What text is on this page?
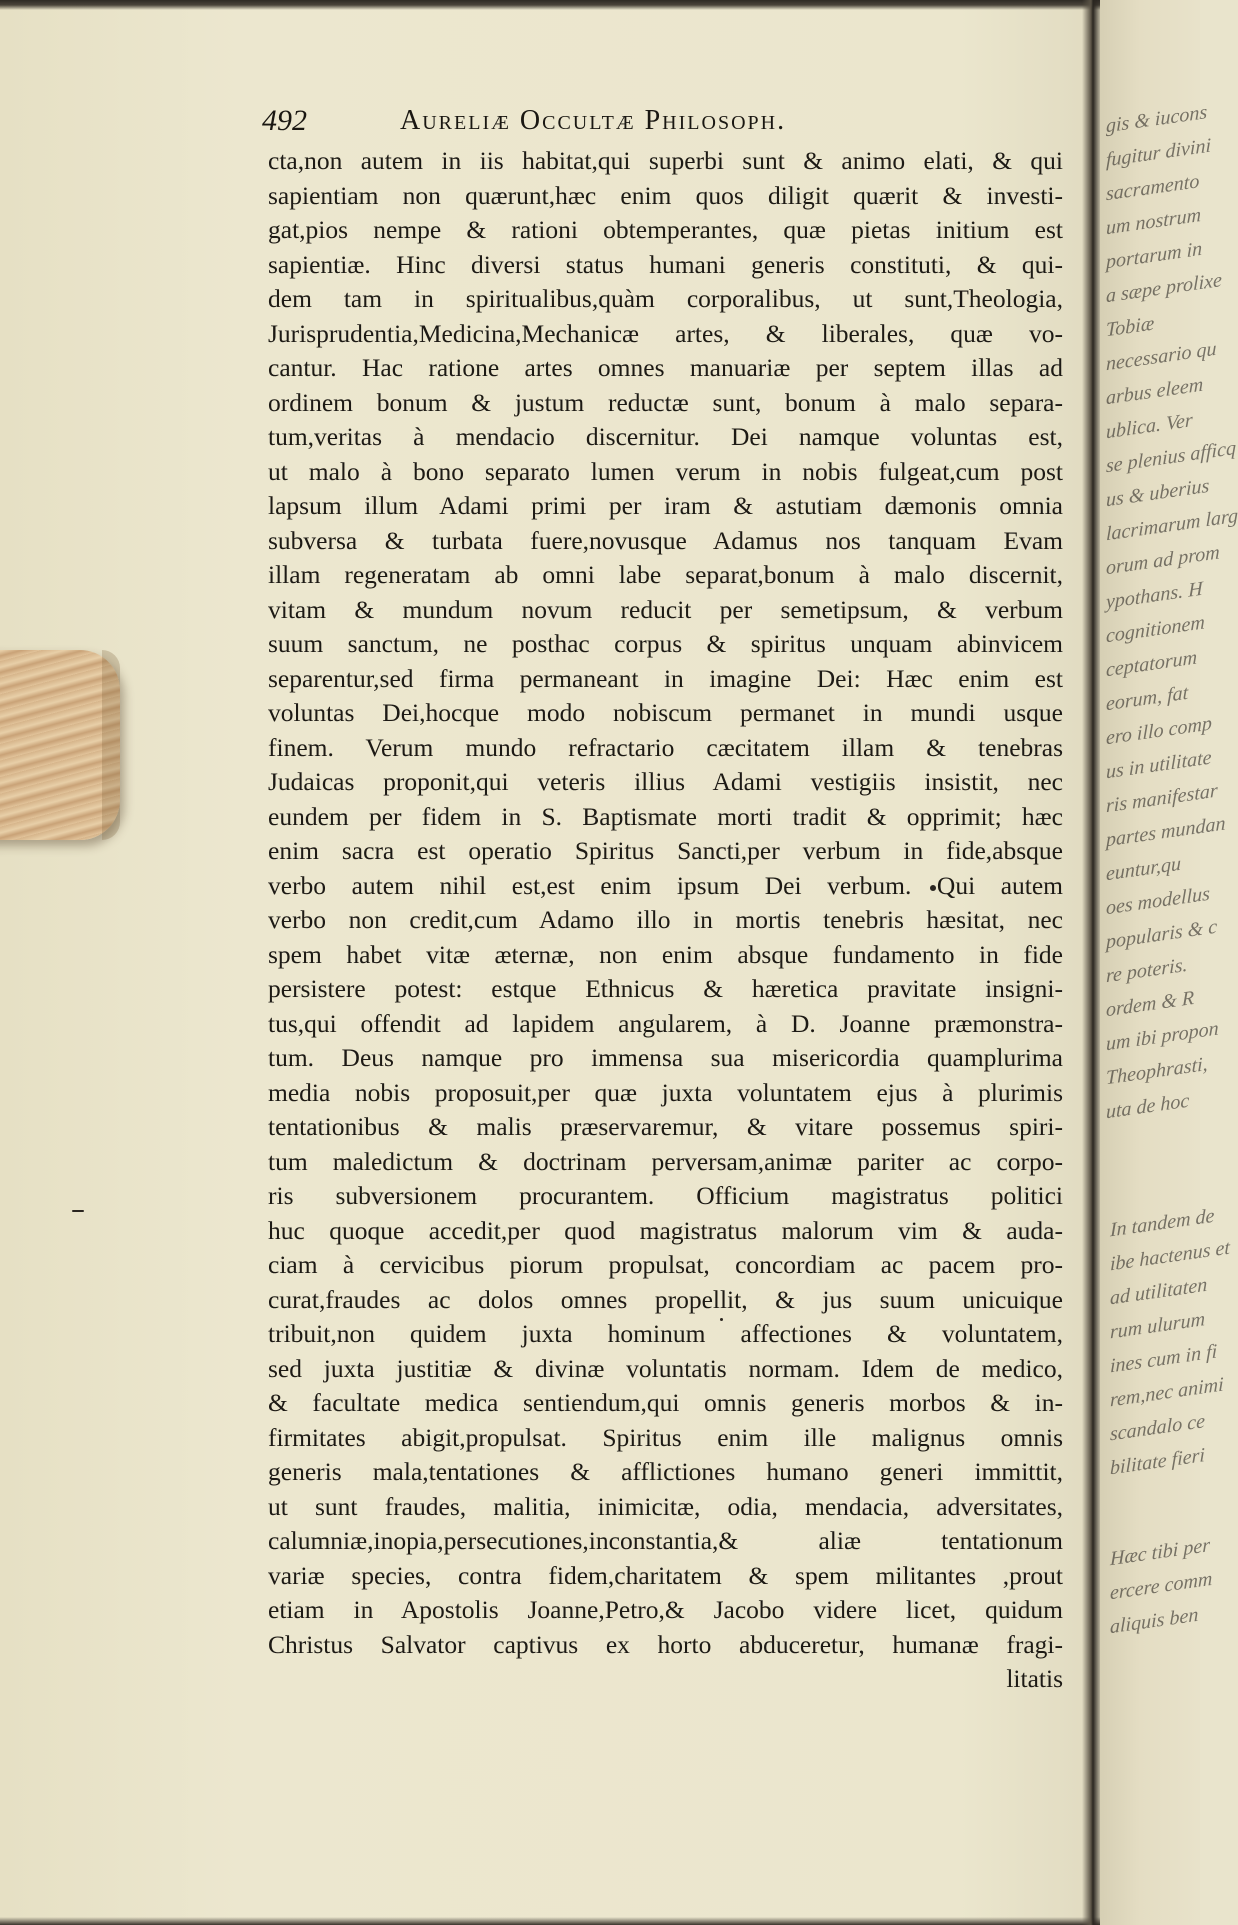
492	Aureliæ Occultæ Philosoph.
cta,non autem in iis habitat,qui superbi sunt & animo elati, & qui
sapientiam non quærunt,hæc enim quos diligit quærit & investi-
gat,pios nempe & rationi obtemperantes, quæ pietas initium est
sapientiæ. Hinc diversi status humani generis constituti, & qui-
dem tam in spiritualibus,quàm corporalibus, ut sunt,Theologia,
Jurisprudentia,Medicina,Mechanicæ artes, & liberales, quæ vo-
cantur. Hac ratione artes omnes manuariæ per septem illas ad
ordinem bonum & justum reductæ sunt, bonum à malo separa-
tum,veritas à mendacio discernitur. Dei namque voluntas est,
ut malo à bono separato lumen verum in nobis fulgeat,cum post
lapsum illum Adami primi per iram & astutiam dæmonis omnia
subversa & turbata fuere,novusque Adamus nos tanquam Evam
illam regeneratam ab omni labe separat,bonum à malo discernit,
vitam & mundum novum reducit per semetipsum, & verbum
suum sanctum, ne posthac corpus & spiritus unquam abinvicem
separentur,sed firma permaneant in imagine Dei: Hæc enim est
voluntas Dei,hocque modo nobiscum permanet in mundi usque
finem. Verum mundo refractario cæcitatem illam & tenebras
Judaicas proponit,qui veteris illius Adami vestigiis insistit, nec
eundem per fidem in S. Baptismate morti tradit & opprimit; hæc
enim sacra est operatio Spiritus Sancti,per verbum in fide,absque
verbo autem nihil est,est enim ipsum Dei verbum. Qui autem
verbo non credit,cum Adamo illo in mortis tenebris hæsitat, nec
spem habet vitæ æternæ, non enim absque fundamento in fide
persistere potest: estque Ethnicus & hæretica pravitate insigni-
tus,qui offendit ad lapidem angularem, à D. Joanne præmonstra-
tum. Deus namque pro immensa sua misericordia quamplurima
media nobis proposuit,per quæ juxta voluntatem ejus à plurimis
tentationibus & malis præservaremur, & vitare possemus spiri-
tum maledictum & doctrinam perversam,animæ pariter ac corpo-
ris subversionem procurantem. Officium magistratus politici
huc quoque accedit,per quod magistratus malorum vim & auda-
ciam à cervicibus piorum propulsat, concordiam ac pacem pro-
curat,fraudes ac dolos omnes propellit, & jus suum unicuique
tribuit,non quidem juxta hominum affectiones & voluntatem,
sed juxta justitiæ & divinæ voluntatis normam. Idem de medico,
& facultate medica sentiendum,qui omnis generis morbos & in-
firmitates abigit,propulsat. Spiritus enim ille malignus omnis
generis mala,tentationes & afflictiones humano generi immittit,
ut sunt fraudes, malitia, inimicitæ, odia, mendacia, adversitates,
calumniæ,inopia,persecutiones,inconstantia,& aliæ tentationum
variæ species, contra fidem,charitatem & spem militantes ,prout
etiam in Apostolis Joanne,Petro,& Jacobo videre licet, quidum
Christus Salvator captivus ex horto abduceretur, humanæ fragi-
litatis
gis & iucons
fugitur divini
sacramento
um nostrum
portarum in
a sæpe prolixe
Tobiæ
necessario qu
arbus eleem
ublica. Ver
se plenius afficq
us & uberius
lacrimarum larg
orum ad prom
ypothans. H
cognitionem
ceptatorum
eorum, fat
ero illo comp
us in utilitate
ris manifestar
partes mundan
euntur,qu
oes modellus
popularis & c
re poteris.
ordem & R
um ibi propon
Theophrasti,
uta de hoc
In tandem de
ibe hactenus et
ad utilitaten
rum ulurum
ines cum in fi
rem,nec animi
scandalo ce
bilitate fieri
Hæc tibi per
ercere comm
aliquis ben
